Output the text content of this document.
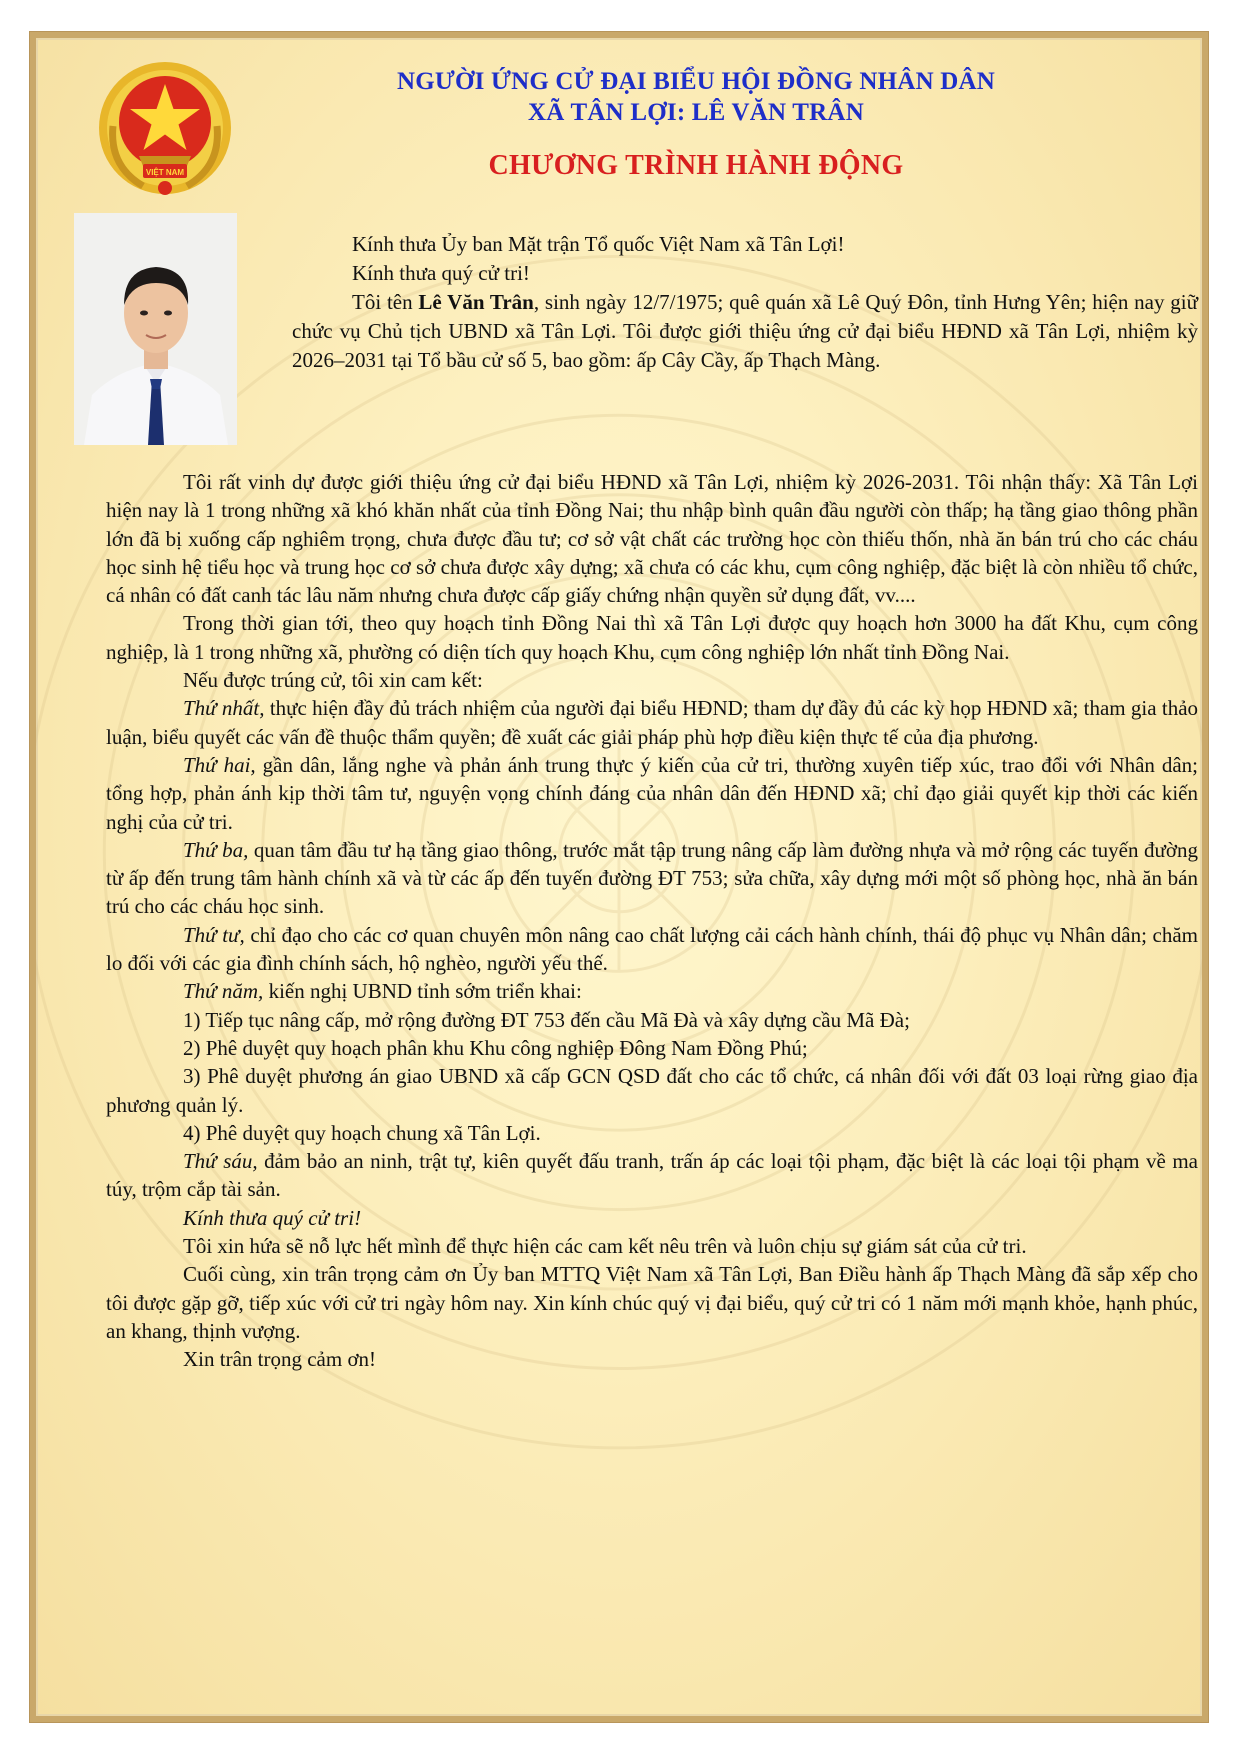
VIỆT NAM
NGƯỜI ỨNG CỬ ĐẠI BIỂU HỘI ĐỒNG NHÂN DÂN
XÃ TÂN LỢI: LÊ VĂN TRÂN
CHƯƠNG TRÌNH HÀNH ĐỘNG

Kính thưa Ủy ban Mặt trận Tổ quốc Việt Nam xã Tân Lợi!

Kính thưa quý cử tri!

Tôi tên Lê Văn Trân, sinh ngày 12/7/1975; quê quán xã Lê Quý Đôn, tỉnh Hưng Yên; hiện nay giữ chức vụ Chủ tịch UBND xã Tân Lợi. Tôi được giới thiệu ứng cử đại biểu HĐND xã Tân Lợi, nhiệm kỳ 2026–2031 tại Tổ bầu cử số 5, bao gồm: ấp Cây Cầy, ấp Thạch Màng.

Tôi rất vinh dự được giới thiệu ứng cử đại biểu HĐND xã Tân Lợi, nhiệm kỳ 2026-2031. Tôi nhận thấy: Xã Tân Lợi hiện nay là 1 trong những xã khó khăn nhất của tỉnh Đồng Nai; thu nhập bình quân đầu người còn thấp; hạ tầng giao thông phần lớn đã bị xuống cấp nghiêm trọng, chưa được đầu tư; cơ sở vật chất các trường học còn thiếu thốn, nhà ăn bán trú cho các cháu học sinh hệ tiểu học và trung học cơ sở chưa được xây dựng; xã chưa có các khu, cụm công nghiệp, đặc biệt là còn nhiều tổ chức, cá nhân có đất canh tác lâu năm nhưng chưa được cấp giấy chứng nhận quyền sử dụng đất, vv....

Trong thời gian tới, theo quy hoạch tỉnh Đồng Nai thì xã Tân Lợi được quy hoạch hơn 3000 ha đất Khu, cụm công nghiệp, là 1 trong những xã, phường có diện tích quy hoạch Khu, cụm công nghiệp lớn nhất tỉnh Đồng Nai.

Nếu được trúng cử, tôi xin cam kết:

Thứ nhất, thực hiện đầy đủ trách nhiệm của người đại biểu HĐND; tham dự đầy đủ các kỳ họp HĐND xã; tham gia thảo luận, biểu quyết các vấn đề thuộc thẩm quyền; đề xuất các giải pháp phù hợp điều kiện thực tế của địa phương.

Thứ hai, gần dân, lắng nghe và phản ánh trung thực ý kiến của cử tri, thường xuyên tiếp xúc, trao đổi với Nhân dân; tổng hợp, phản ánh kịp thời tâm tư, nguyện vọng chính đáng của nhân dân đến HĐND xã; chỉ đạo giải quyết kịp thời các kiến nghị của cử tri.

Thứ ba, quan tâm đầu tư hạ tầng giao thông, trước mắt tập trung nâng cấp làm đường nhựa và mở rộng các tuyến đường từ ấp đến trung tâm hành chính xã và từ các ấp đến tuyến đường ĐT 753; sửa chữa, xây dựng mới một số phòng học, nhà ăn bán trú cho các cháu học sinh.

Thứ tư, chỉ đạo cho các cơ quan chuyên môn nâng cao chất lượng cải cách hành chính, thái độ phục vụ Nhân dân; chăm lo đối với các gia đình chính sách, hộ nghèo, người yếu thế.

Thứ năm, kiến nghị UBND tỉnh sớm triển khai:

1) Tiếp tục nâng cấp, mở rộng đường ĐT 753 đến cầu Mã Đà và xây dựng cầu Mã Đà;

2) Phê duyệt quy hoạch phân khu Khu công nghiệp Đông Nam Đồng Phú;

3) Phê duyệt phương án giao UBND xã cấp GCN QSD đất cho các tổ chức, cá nhân đối với đất 03 loại rừng giao địa phương quản lý.

4) Phê duyệt quy hoạch chung xã Tân Lợi.

Thứ sáu, đảm bảo an ninh, trật tự, kiên quyết đấu tranh, trấn áp các loại tội phạm, đặc biệt là các loại tội phạm về ma túy, trộm cắp tài sản.

Kính thưa quý cử tri!

Tôi xin hứa sẽ nỗ lực hết mình để thực hiện các cam kết nêu trên và luôn chịu sự giám sát của cử tri.

Cuối cùng, xin trân trọng cảm ơn Ủy ban MTTQ Việt Nam xã Tân Lợi, Ban Điều hành ấp Thạch Màng đã sắp xếp cho tôi được gặp gỡ, tiếp xúc với cử tri ngày hôm nay. Xin kính chúc quý vị đại biểu, quý cử tri có 1 năm mới mạnh khỏe, hạnh phúc, an khang, thịnh vượng.

Xin trân trọng cảm ơn!
